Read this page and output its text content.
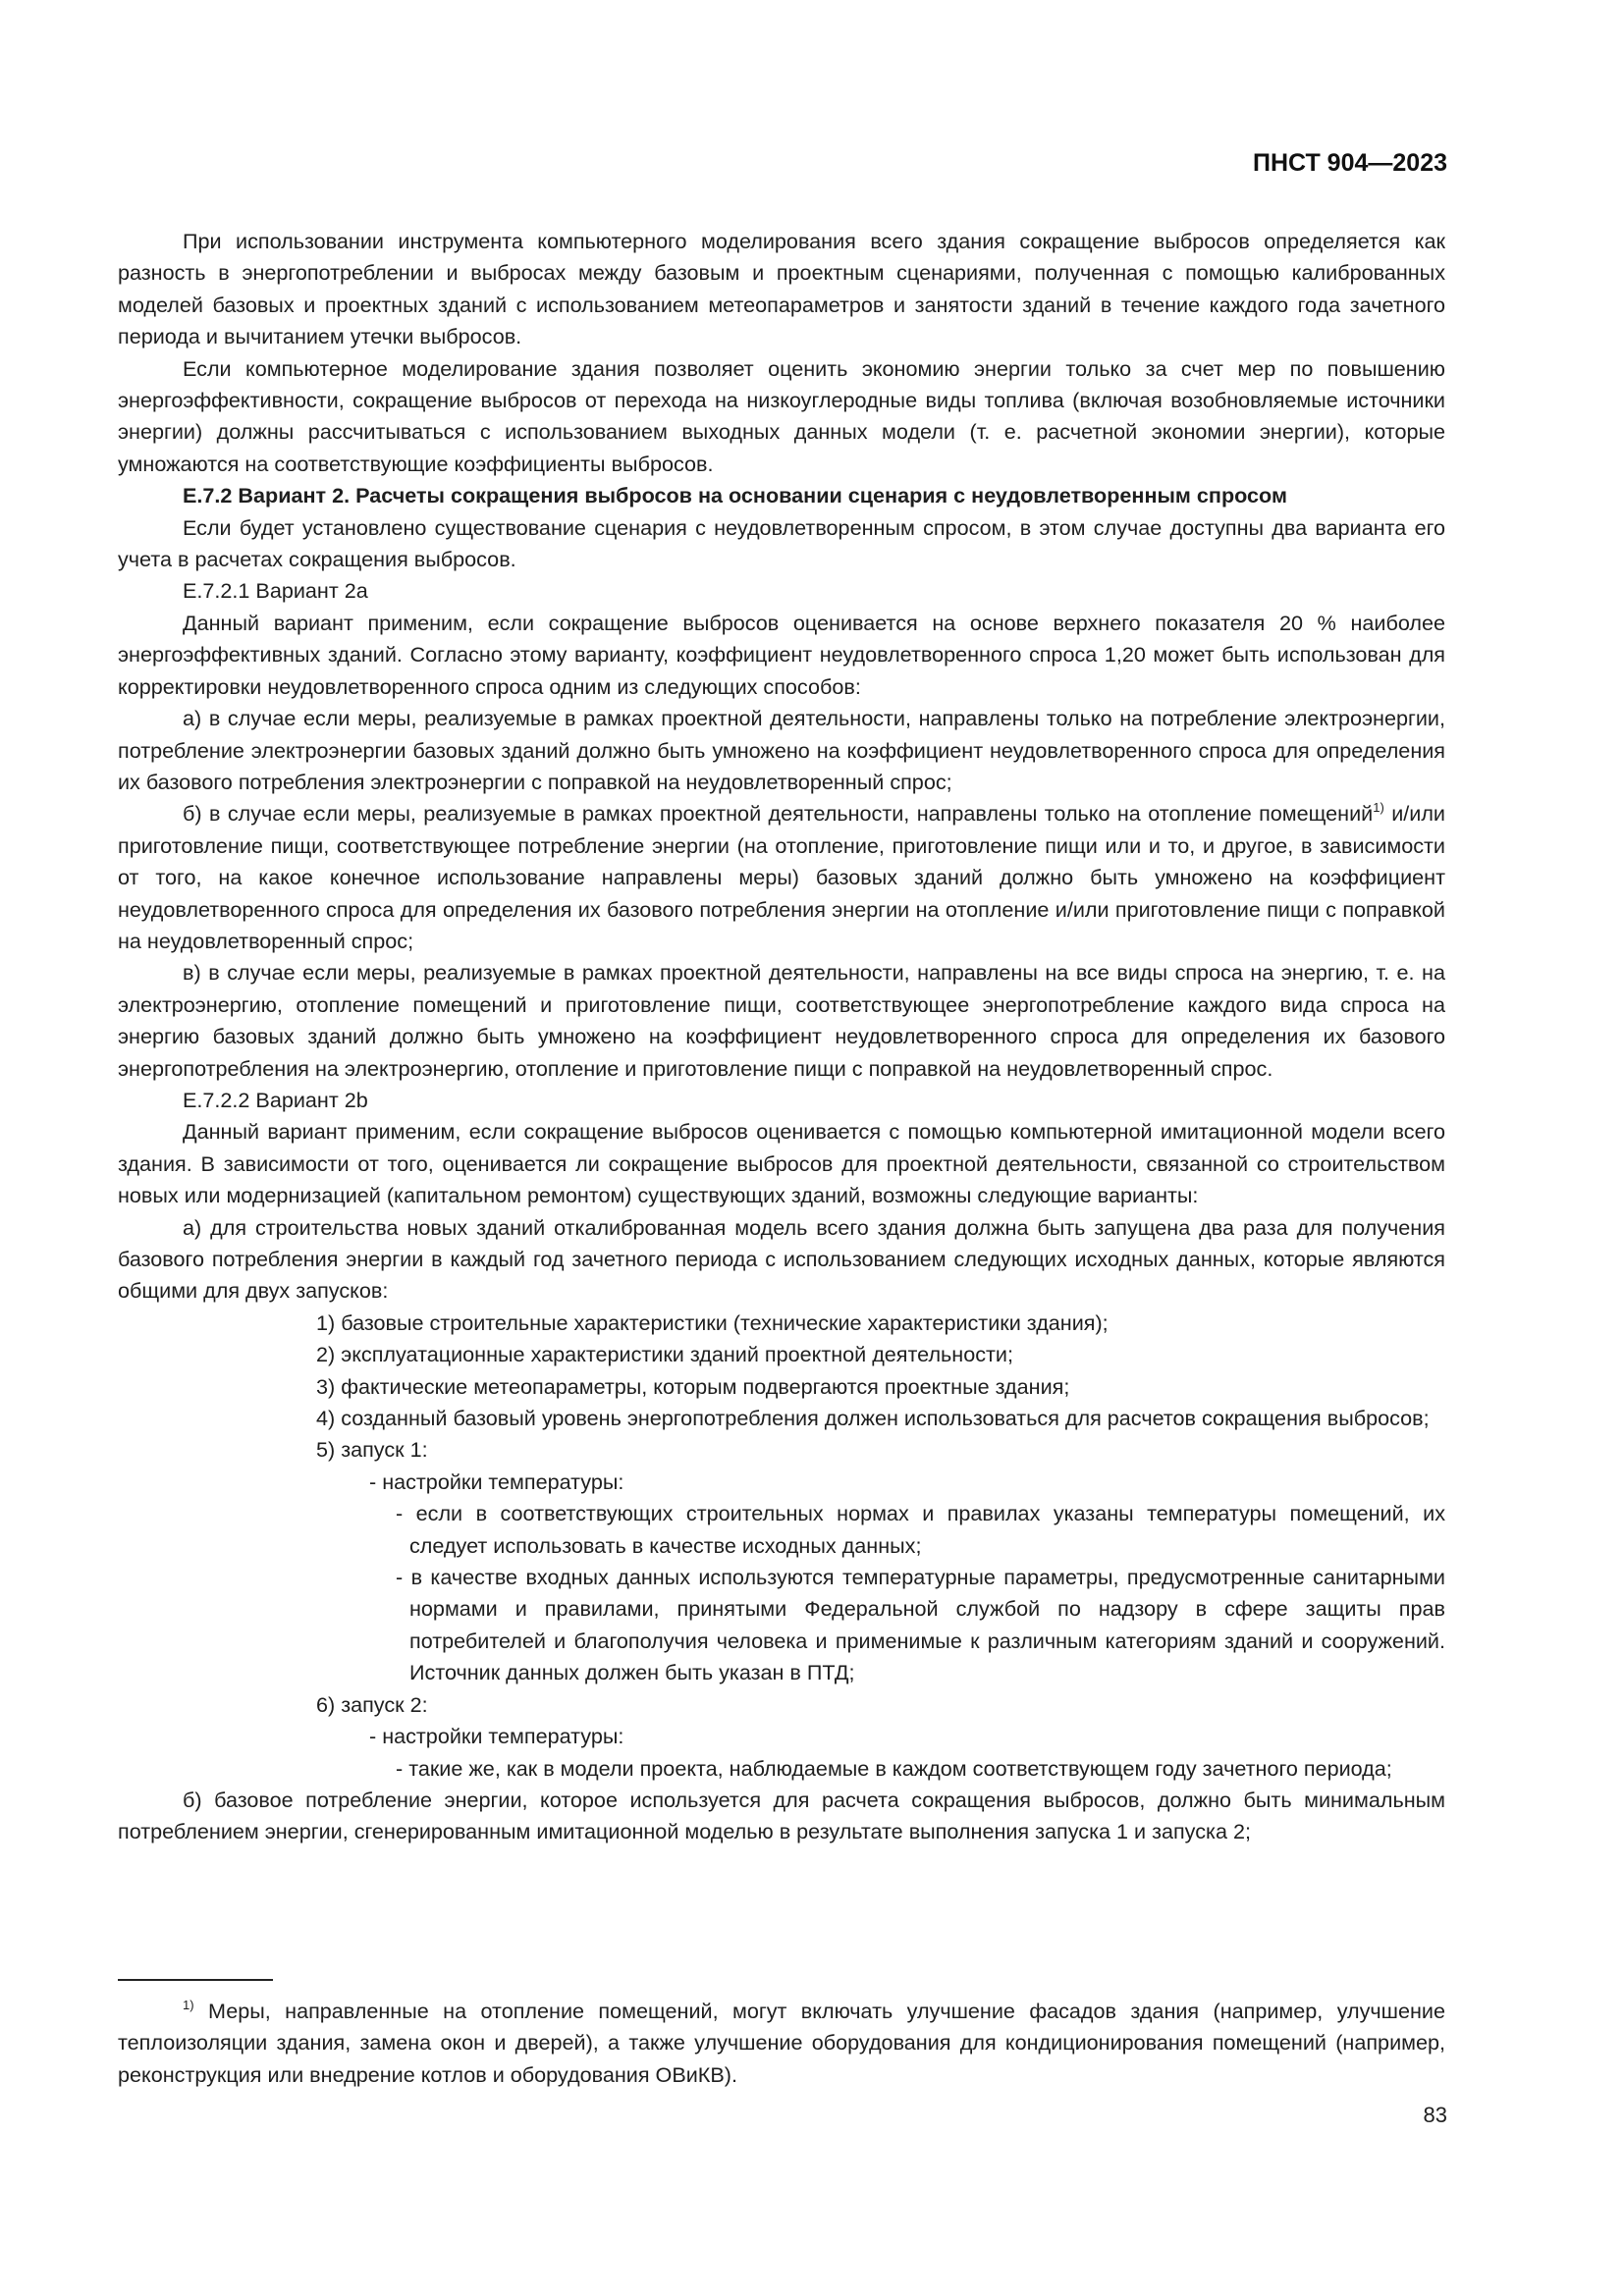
ПНСТ 904—2023

При использовании инструмента компьютерного моделирования всего здания сокращение выбросов определяется как разность в энергопотреблении и выбросах между базовым и проектным сценариями, полученная с помощью калиброванных моделей базовых и проектных зданий с использованием метеопараметров и занятости зданий в течение каждого года зачетного периода и вычитанием утечки выбросов.

Если компьютерное моделирование здания позволяет оценить экономию энергии только за счет мер по повышению энергоэффективности, сокращение выбросов от перехода на низкоуглеродные виды топлива (включая возобновляемые источники энергии) должны рассчитываться с использованием выходных данных модели (т. е. расчетной экономии энергии), которые умножаются на соответствующие коэффициенты выбросов.

Е.7.2 Вариант 2. Расчеты сокращения выбросов на основании сценария с неудовлетворенным спросом

Если будет установлено существование сценария с неудовлетворенным спросом, в этом случае доступны два варианта его учета в расчетах сокращения выбросов.

Е.7.2.1 Вариант 2а

Данный вариант применим, если сокращение выбросов оценивается на основе верхнего показателя 20 % наиболее энергоэффективных зданий. Согласно этому варианту, коэффициент неудовлетворенного спроса 1,20 может быть использован для корректировки неудовлетворенного спроса одним из следующих способов:

а) в случае если меры, реализуемые в рамках проектной деятельности, направлены только на потребление электроэнергии, потребление электроэнергии базовых зданий должно быть умножено на коэффициент неудовлетворенного спроса для определения их базового потребления электроэнергии с поправкой на неудовлетворенный спрос;

б) в случае если меры, реализуемые в рамках проектной деятельности, направлены только на отопление помещений$^{1)}$ и/или приготовление пищи, соответствующее потребление энергии (на отопление, приготовление пищи или и то, и другое, в зависимости от того, на какое конечное использование направлены меры) базовых зданий должно быть умножено на коэффициент неудовлетворенного спроса для определения их базового потребления энергии на отопление и/или приготовление пищи с поправкой на неудовлетворенный спрос;

в) в случае если меры, реализуемые в рамках проектной деятельности, направлены на все виды спроса на энергию, т. е. на электроэнергию, отопление помещений и приготовление пищи, соответствующее энергопотребление каждого вида спроса на энергию базовых зданий должно быть умножено на коэффициент неудовлетворенного спроса для определения их базового энергопотребления на электроэнергию, отопление и приготовление пищи с поправкой на неудовлетворенный спрос.

Е.7.2.2 Вариант 2b

Данный вариант применим, если сокращение выбросов оценивается с помощью компьютерной имитационной модели всего здания. В зависимости от того, оценивается ли сокращение выбросов для проектной деятельности, связанной со строительством новых или модернизацией (капитальном ремонтом) существующих зданий, возможны следующие варианты:

а) для строительства новых зданий откалиброванная модель всего здания должна быть запущена два раза для получения базового потребления энергии в каждый год зачетного периода с использованием следующих исходных данных, которые являются общими для двух запусков:

1) базовые строительные характеристики (технические характеристики здания);

2) эксплуатационные характеристики зданий проектной деятельности;

3) фактические метеопараметры, которым подвергаются проектные здания;

4) созданный базовый уровень энергопотребления должен использоваться для расчетов сокращения выбросов;

5) запуск 1:

- настройки температуры:

- если в соответствующих строительных нормах и правилах указаны температуры помещений, их следует использовать в качестве исходных данных;

- в качестве входных данных используются температурные параметры, предусмотренные санитарными нормами и правилами, принятыми Федеральной службой по надзору в сфере защиты прав потребителей и благополучия человека и применимые к различным категориям зданий и сооружений. Источник данных должен быть указан в ПТД;

6) запуск 2:

- настройки температуры:

- такие же, как в модели проекта, наблюдаемые в каждом соответствующем году зачетного периода;

б) базовое потребление энергии, которое используется для расчета сокращения выбросов, должно быть минимальным потреблением энергии, сгенерированным имитационной моделью в результате выполнения запуска 1 и запуска 2;

$^{1)}$ Меры, направленные на отопление помещений, могут включать улучшение фасадов здания (например, улучшение теплоизоляции здания, замена окон и дверей), а также улучшение оборудования для кондиционирования помещений (например, реконструкция или внедрение котлов и оборудования ОВиКВ).

83
